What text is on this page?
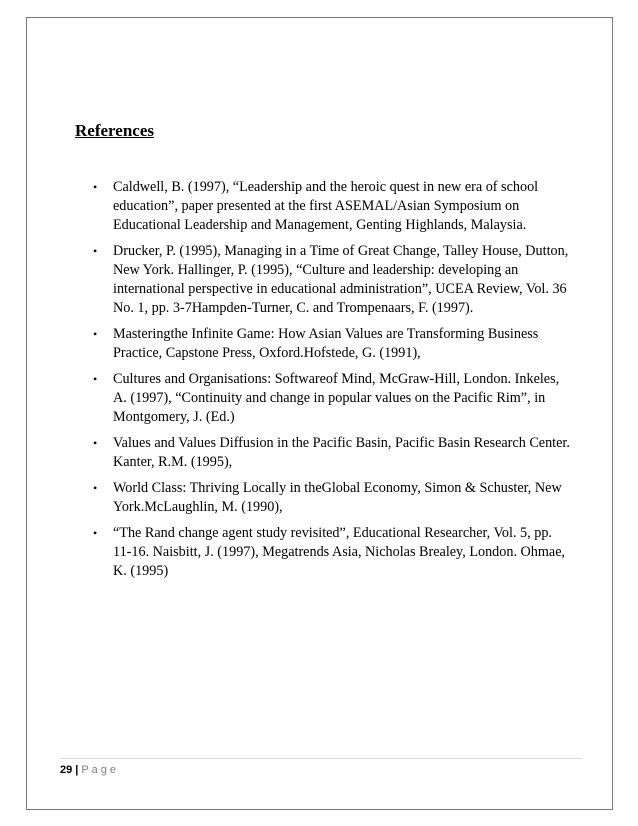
References
• Caldwell, B. (1997), “Leadership and the heroic quest in new era of school education”, paper presented at the first ASEMAL/Asian Symposium on Educational Leadership and Management, Genting Highlands, Malaysia.
• Drucker, P. (1995), Managing in a Time of Great Change, Talley House, Dutton, New York. Hallinger, P. (1995), “Culture and leadership: developing an international perspective in educational administration”, UCEA Review, Vol. 36 No. 1, pp. 3-7Hampden-Turner, C. and Trompenaars, F. (1997).
• Masteringthe Infinite Game: How Asian Values are Transforming Business Practice, Capstone Press, Oxford.Hofstede, G. (1991),
• Cultures and Organisations: Softwareof Mind, McGraw-Hill, London. Inkeles, A. (1997), “Continuity and change in popular values on the Pacific Rim”, in Montgomery, J. (Ed.)
• Values and Values Diffusion in the Pacific Basin, Pacific Basin Research Center. Kanter, R.M. (1995),
• World Class: Thriving Locally in theGlobal Economy, Simon & Schuster, New York.McLaughlin, M. (1990),
• “The Rand change agent study revisited”, Educational Researcher, Vol. 5, pp. 11-16. Naisbitt, J. (1997), Megatrends Asia, Nicholas Brealey, London. Ohmae, K. (1995)
29 | Page
